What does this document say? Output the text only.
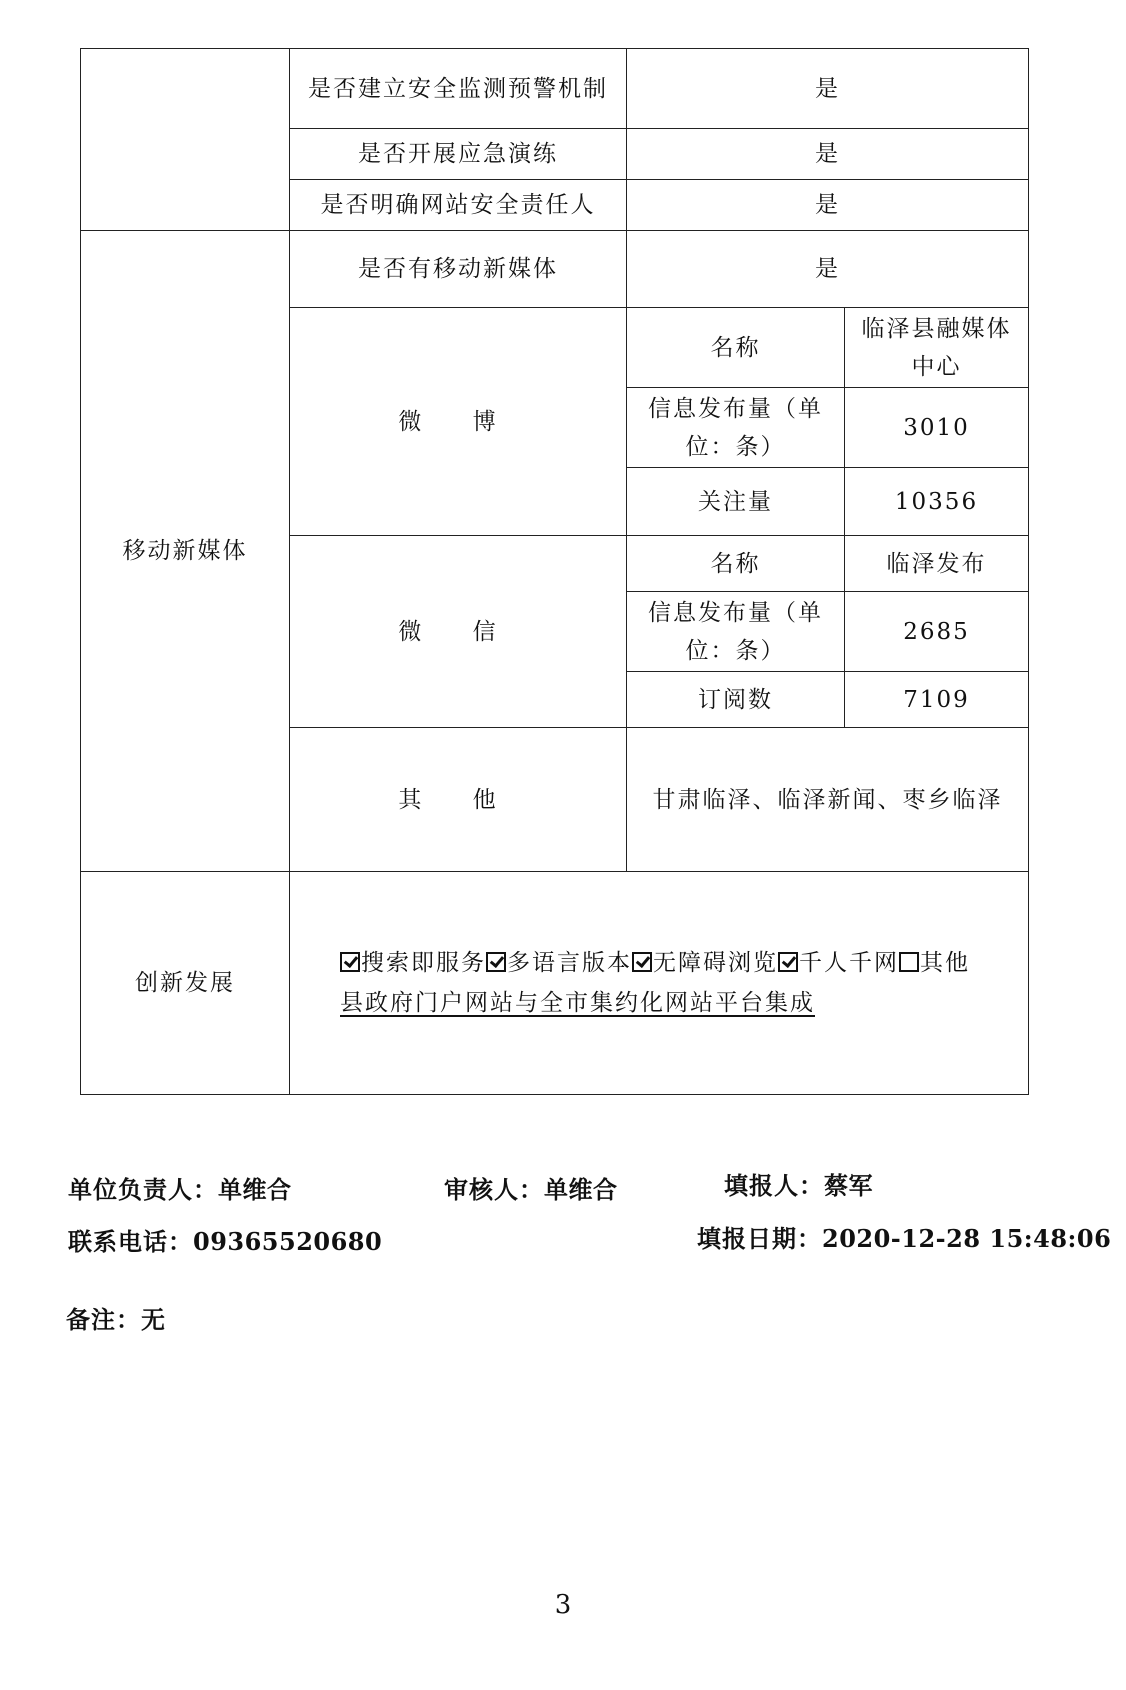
	是否建立安全监测预警机制	是	
	是否开展应急演练	是	
	是否明确网站安全责任人	是	
移动新媒体	是否有移动新媒体	是	
	微 博	名称	临泽县融媒体中心
		信息发布量（单位：条）	3010
		关注量	10356
	微 信	名称	临泽发布
		信息发布量（单位：条）	2685
		订阅数	7109
	其 他	甘肃临泽、临泽新闻、枣乡临泽	
创新发展	搜索即服务 多语言版本 无障碍浏览 千人千网 其他
县政府门户网站与全市集约化网站平台集成		
单位负责人：单维合	审核人：单维合	填报人：蔡军
联系电话：09365520680	填报日期：2020-12-28 15:48:06
备注：无
3
